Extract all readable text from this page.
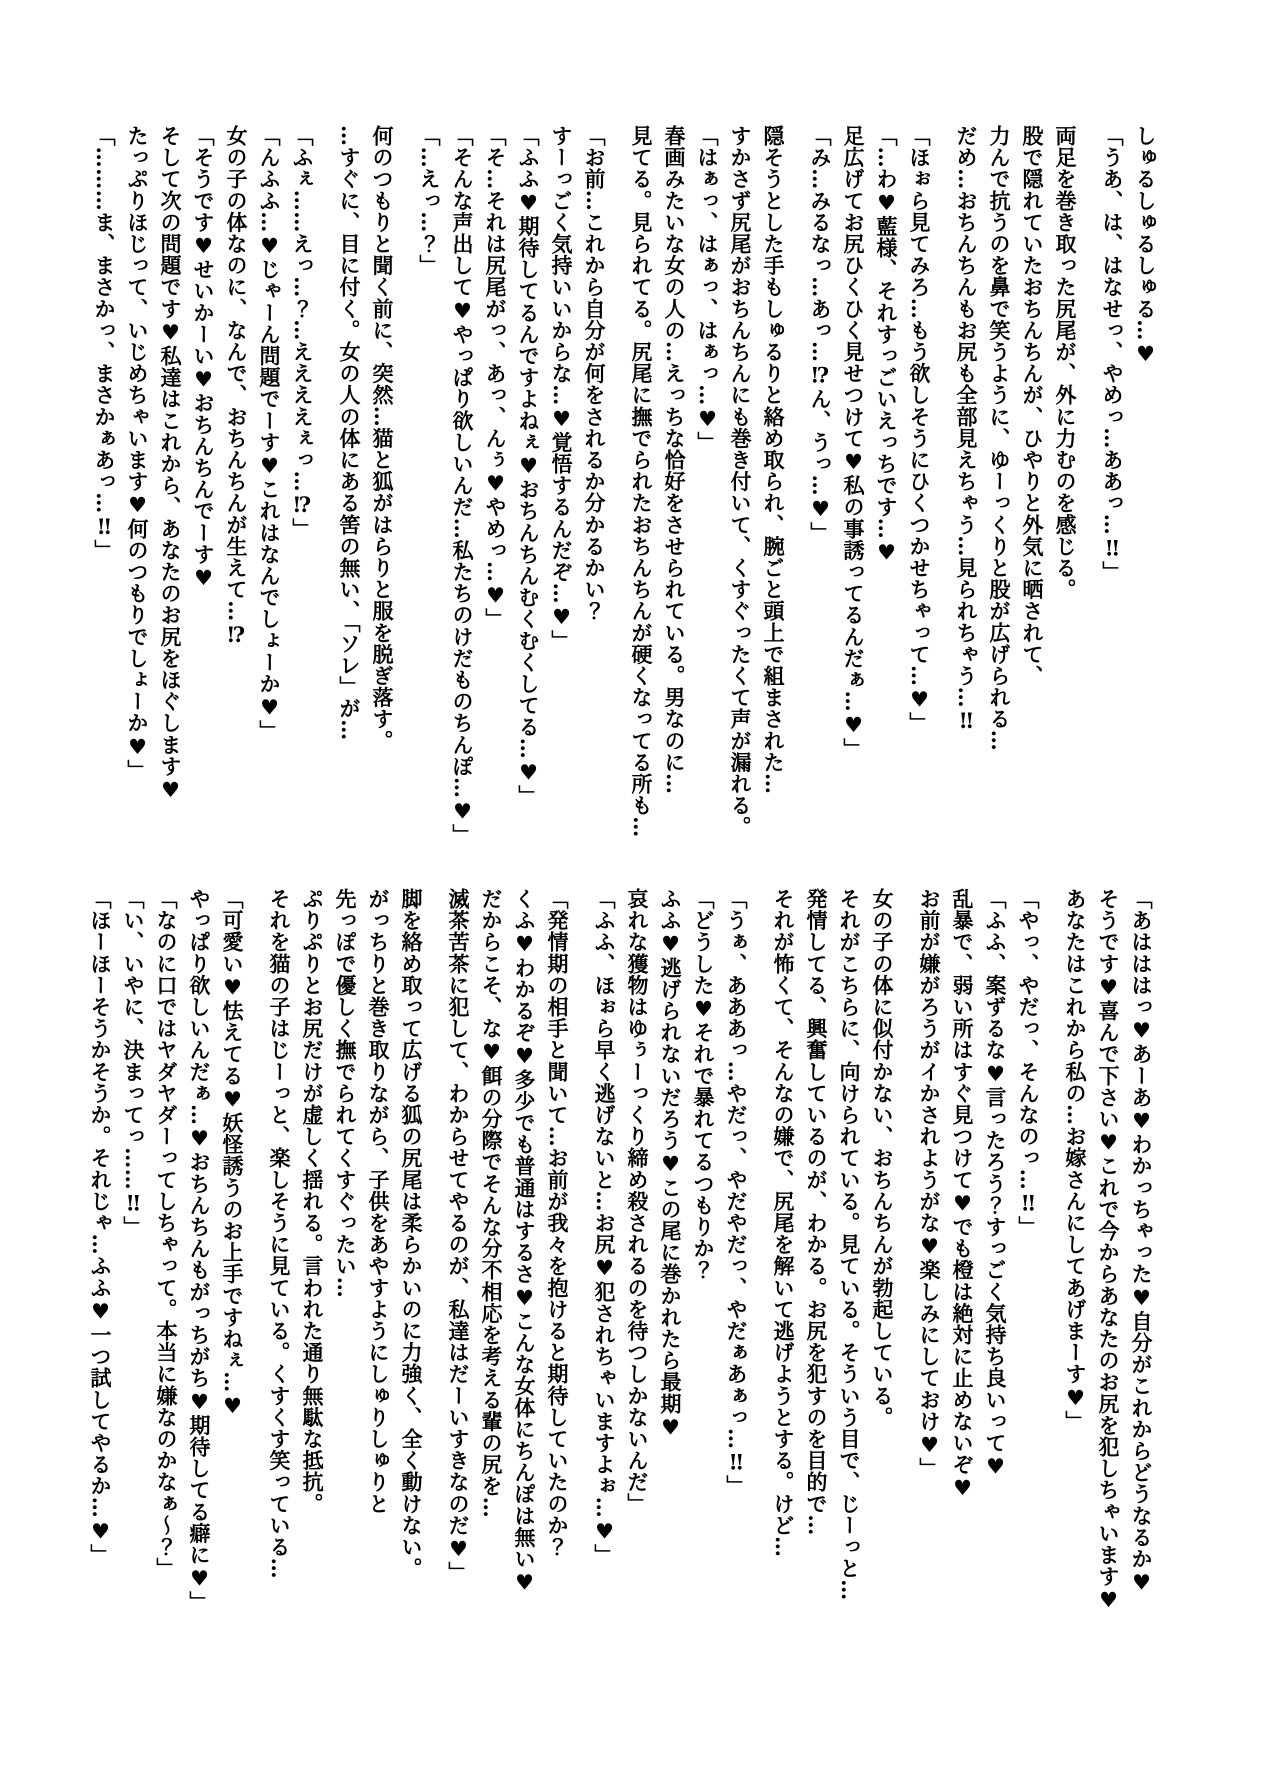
しゅるしゅるしゅる…♥

「うあ、は、はなせっ、やめっ…ああっ…‼」

両足を巻き取った尻尾が、外に力むのを感じる。

股で隠れていたおちんちんが、ひやりと外気に晒されて、

力んで抗うのを鼻で笑うように、ゆーっくりと股が広げられる…

だめ…おちんちんもお尻も全部見えちゃう…見られちゃう…‼

「ほぉら見てみろ…もう欲しそうにひくつかせちゃって…♥」

「…わ♥藍様、それすっごいえっちです…♥

足広げてお尻ひくひく見せつけて♥私の事誘ってるんだぁ…♥」

「み…みるなっ…あっ…⁉ん、うっ…♥」

隠そうとした手もしゅるりと絡め取られ、腕ごと頭上で組まされた…

すかさず尻尾がおちんちんにも巻き付いて、くすぐったくて声が漏れる。

「はぁっ、はぁっ、はぁっ…♥」

春画みたいな女の人の…えっちな恰好をさせられている。男なのに…

見てる。見られてる。尻尾に撫でられたおちんちんが硬くなってる所も…

「お前…これから自分が何をされるか分かるかい？

すーっごく気持いいからな…♥覚悟するんだぞ…♥」

「ふふ♥期待してるんですよねぇ♥おちんちんむくむくしてる…♥」

「そ…それは尻尾がっ、あっ、んぅ♥やめっ…♥」

「そんな声出して♥やっぱり欲しいんだ…私たちのけだものちんぽ…♥」

「…えっ…？」

何のつもりと聞く前に、突然…猫と狐がはらりと服を脱ぎ落す。

…すぐに、目に付く。女の人の体にある筈の無い、「ソレ」が…

「ふぇ……えっ…？…ええええぇっ…⁉」

「んふふ…♥じゃーん問題でーす♥これはなんでしょーか♥」

女の子の体なのに、なんで、おちんちんが生えて…⁉

「そうです♥せいかーい♥おちんちんでーす♥

そして次の問題です♥私達はこれから、あなたのお尻をほぐします♥

たっぷりほじって、いじめちゃいます♥何のつもりでしょーか♥」

「………ま、まさかっ、まさかぁあっ…‼」

「あはははっ♥あーあ♥わかっちゃった♥自分がこれからどうなるか♥

そうです♥喜んで下さい♥これで今からあなたのお尻を犯しちゃいます♥

あなたはこれから私の…お嫁さんにしてあげまーす♥」

「やっ、やだっ、そんなのっ…‼」

「ふふ、案ずるな♥言ったろう？すっごく気持ち良いって♥

乱暴で、弱い所はすぐ見つけて♥でも橙は絶対に止めないぞ♥

お前が嫌がろうがイかされようがな♥楽しみにしておけ♥」

女の子の体に似付かない、おちんちんが勃起している。

それがこちらに、向けられている。見ている。そういう目で、じーっと…

発情してる、興奮しているのが、わかる。お尻を犯すのを目的で…

それが怖くて、そんなの嫌で、尻尾を解いて逃げようとする。けど…

「うぁ、あああっ…やだっ、やだやだっ、やだぁあぁっ…‼」

「どうした♥それで暴れてるつもりか？

ふふ♥逃げられないだろう♥この尾に巻かれたら最期♥

哀れな獲物はゆぅーっくり締め殺されるのを待つしかないんだ」

「ふふ、ほぉら早く逃げないと…お尻♥犯されちゃいますよぉ…♥」

「発情期の相手と聞いて…お前が我々を抱けると期待していたのか？

くふ♥わかるぞ♥多少でも普通はするさ♥こんな女体にちんぽは無い♥

だからこそ、な♥餌の分際でそんな分不相応を考える輩の尻を…

滅茶苦茶に犯して、わからせてやるのが、私達はだーいすきなのだ♥」

脚を絡め取って広げる狐の尻尾は柔らかいのに力強く、全く動けない。

がっちりと巻き取りながら、子供をあやすようにしゅりしゅりと

先っぽで優しく撫でられてくすぐったい…

ぷりぷりとお尻だけが虚しく揺れる。言われた通り無駄な抵抗。

それを猫の子はじーっと、楽しそうに見ている。くすくす笑っている…

「可愛い♥怯えてる♥妖怪誘うのお上手ですねぇ…♥

やっぱり欲しいんだぁ…♥おちんちんもがっちがち♥期待してる癖に♥」

「なのに口ではヤダヤダーってしちゃって。本当に嫌なのかなぁ～？」

「い、いやに、決まってっ……‼」

「ほーほーそうかそうか。それじゃ…ふふ♥一つ試してやるか…♥」
